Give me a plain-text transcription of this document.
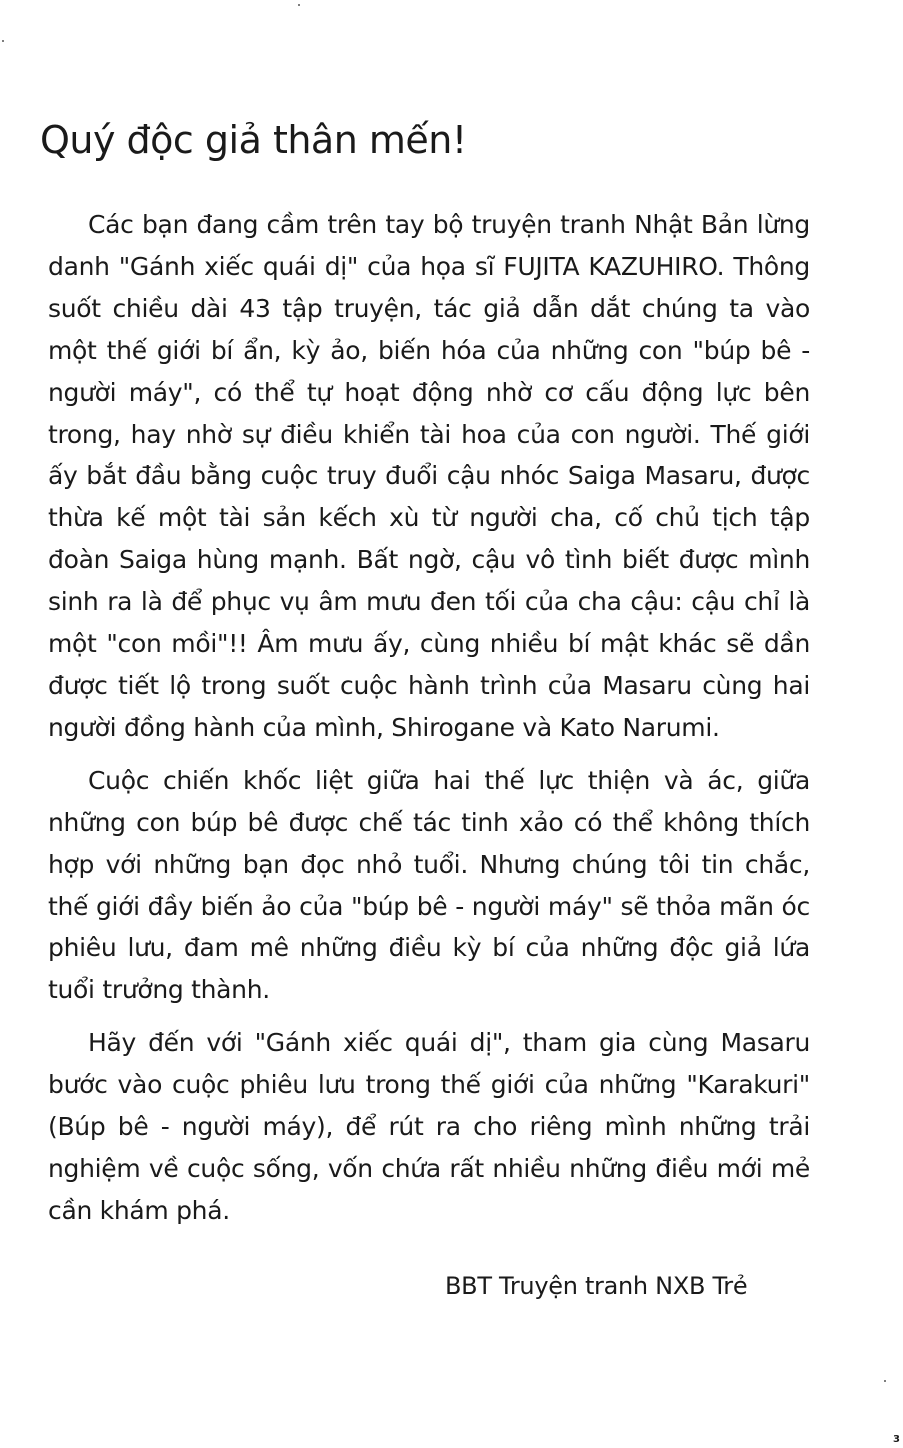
Quý độc giả thân mến!

Các bạn đang cầm trên tay bộ truyện tranh Nhật Bản lừng danh "Gánh xiếc quái dị" của họa sĩ FUJITA KAZUHIRO. Thông suốt chiều dài 43 tập truyện, tác giả dẫn dắt chúng ta vào một thế giới bí ẩn, kỳ ảo, biến hóa của những con "búp bê - người máy", có thể tự hoạt động nhờ cơ cấu động lực bên trong, hay nhờ sự điều khiển tài hoa của con người. Thế giới ấy bắt đầu bằng cuộc truy đuổi cậu nhóc Saiga Masaru, được thừa kế một tài sản kếch xù từ người cha, cố chủ tịch tập đoàn Saiga hùng mạnh. Bất ngờ, cậu vô tình biết được mình sinh ra là để phục vụ âm mưu đen tối của cha cậu: cậu chỉ là một "con mồi"!! Âm mưu ấy, cùng nhiều bí mật khác sẽ dần được tiết lộ trong suốt cuộc hành trình của Masaru cùng hai người đồng hành của mình, Shirogane và Kato Narumi.

Cuộc chiến khốc liệt giữa hai thế lực thiện và ác, giữa những con búp bê được chế tác tinh xảo có thể không thích hợp với những bạn đọc nhỏ tuổi. Nhưng chúng tôi tin chắc, thế giới đầy biến ảo của "búp bê - người máy" sẽ thỏa mãn óc phiêu lưu, đam mê những điều kỳ bí của những độc giả lứa tuổi trưởng thành.

Hãy đến với "Gánh xiếc quái dị", tham gia cùng Masaru bước vào cuộc phiêu lưu trong thế giới của những "Karakuri" (Búp bê - người máy), để rút ra cho riêng mình những trải nghiệm về cuộc sống, vốn chứa rất nhiều những điều mới mẻ cần khám phá.

BBT Truyện tranh NXB Trẻ

3
